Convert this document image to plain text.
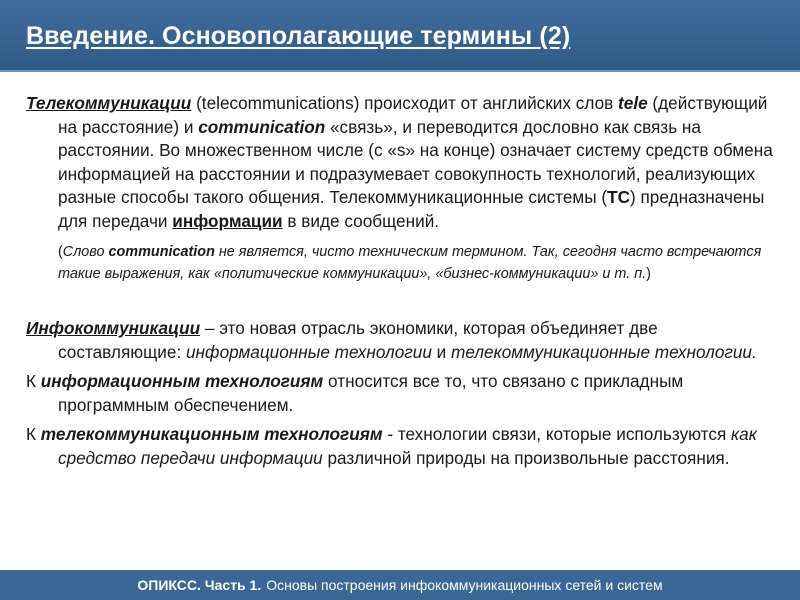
Введение. Основополагающие термины (2)

Телекоммуникации (telecommunications) происходит от английских слов tele (действующий на расстояние) и communication «связь», и переводится дословно как связь на расстоянии. Во множественном числе (с «s» на конце) означает систему средств обмена информацией на расстоянии и подразумевает совокупность технологий, реализующих разные способы такого общения. Телекоммуникационные системы (ТС) предназначены для передачи информации в виде сообщений.

(Слово communication не является, чисто техническим термином. Так, сегодня часто встречаются такие выражения, как «политические коммуникации», «бизнес-коммуникации» и т. п.)

Инфокоммуникации – это новая отрасль экономики, которая объединяет две составляющие: информационные технологии и телекоммуникационные технологии.

К информационным технологиям относится все то, что связано с прикладным программным обеспечением.

К телекоммуникационным технологиям - технологии связи, которые используются как средство передачи информации различной природы на произвольные расстояния.

ОПИКСС. Часть 1. Основы построения инфокоммуникационных сетей и систем
